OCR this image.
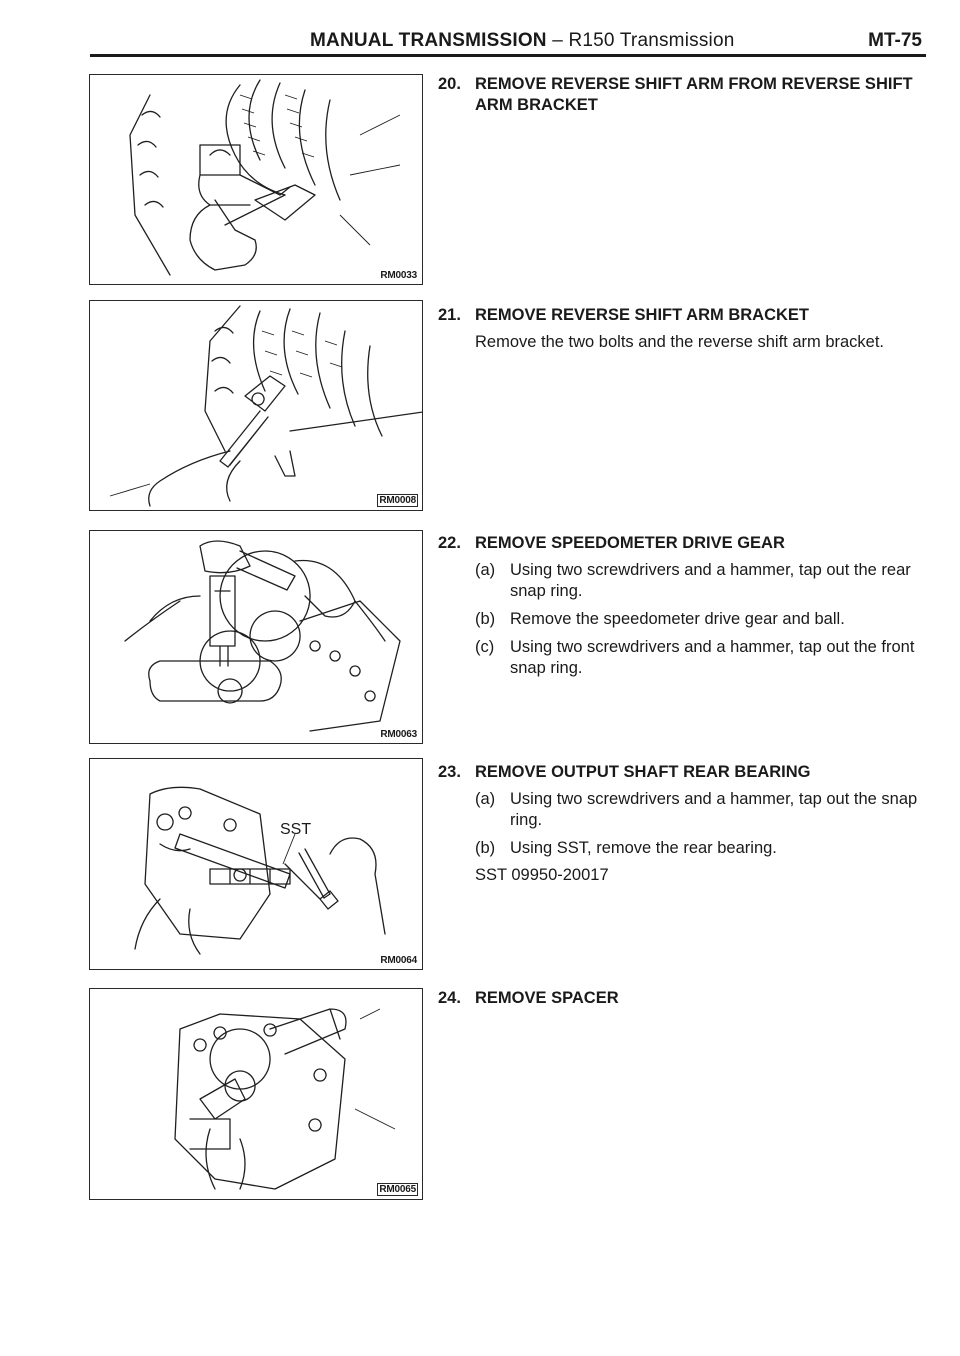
MANUAL TRANSMISSION – R150 Transmission	MT-75
RM0033
RM0008
RM0063
SST
RM0064
RM0065
20. REMOVE REVERSE SHIFT ARM FROM REVERSE SHIFT
ARM BRACKET
21. REMOVE REVERSE SHIFT ARM BRACKET

Remove the two bolts and the reverse shift arm bracket.

22. REMOVE SPEEDOMETER DRIVE GEAR
(a) Using two screwdrivers and a hammer, tap out the rear snap ring.
(b) Remove the speedometer drive gear and ball.
(c) Using two screwdrivers and a hammer, tap out the front snap ring.
23. REMOVE OUTPUT SHAFT REAR BEARING
(a) Using two screwdrivers and a hammer, tap out the snap ring.
(b) Using SST, remove the rear bearing.
SST 09950-20017
24. REMOVE SPACER
